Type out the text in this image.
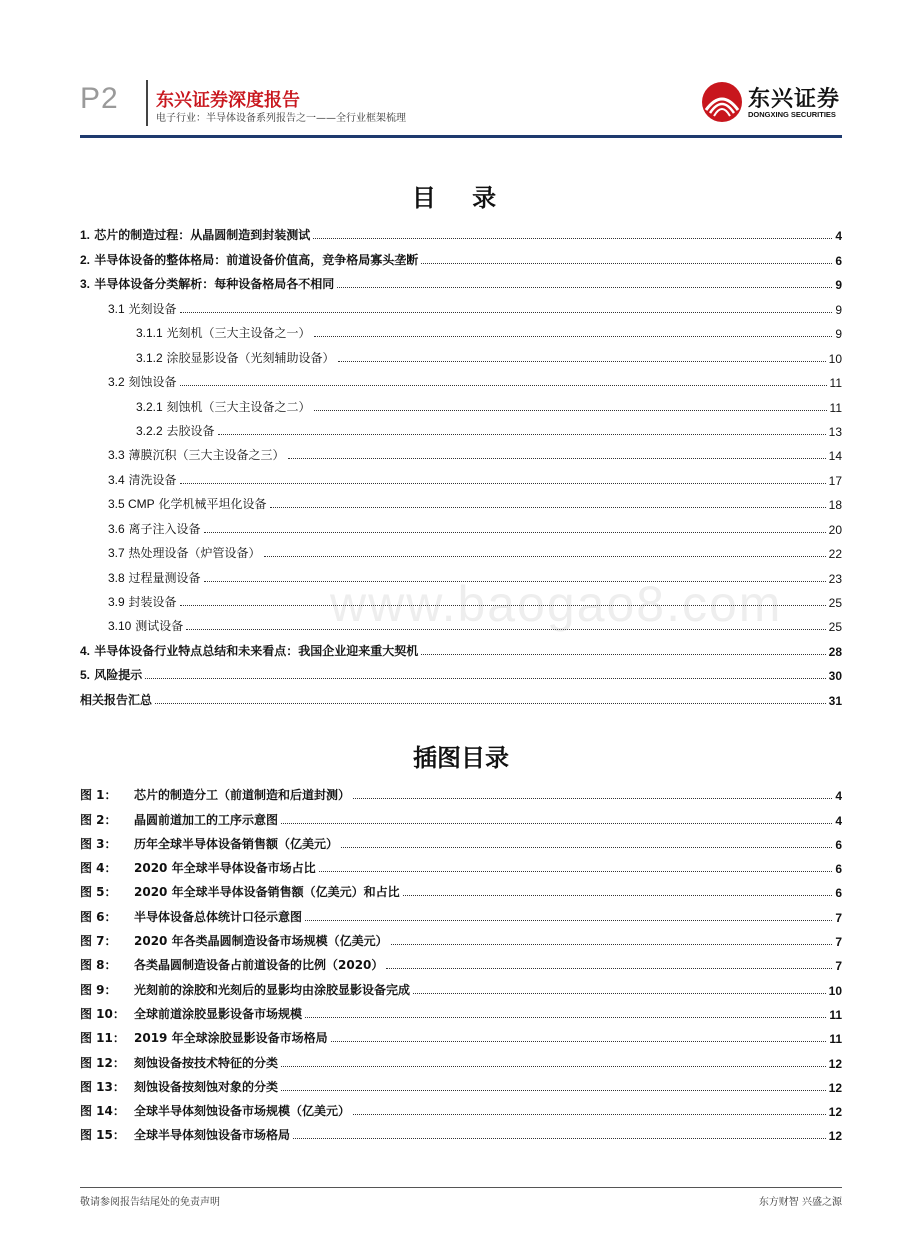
P2 东兴证券深度报告
电子行业：半导体设备系列报告之一——全行业框架梳理
东兴证券
DONGXING SECURITIES
目 录
1. 芯片的制造过程：从晶圆制造到封装测试	4
2. 半导体设备的整体格局：前道设备价值高，竞争格局寡头垄断	6
3. 半导体设备分类解析：每种设备格局各不相同	9
3.1 光刻设备	9
3.1.1 光刻机（三大主设备之一）	9
3.1.2 涂胶显影设备（光刻辅助设备）	10
3.2 刻蚀设备	11
3.2.1 刻蚀机（三大主设备之二）	11
3.2.2 去胶设备	13
3.3 薄膜沉积（三大主设备之三）	14
3.4 清洗设备	17
3.5 CMP 化学机械平坦化设备	18
3.6 离子注入设备	20
3.7 热处理设备（炉管设备）	22
3.8 过程量测设备	23
3.9 封装设备	25
3.10 测试设备	25
4. 半导体设备行业特点总结和未来看点：我国企业迎来重大契机	28
5. 风险提示	30
相关报告汇总	31
插图目录
图 1： 芯片的制造分工（前道制造和后道封测）	4
图 2： 晶圆前道加工的工序示意图	4
图 3： 历年全球半导体设备销售额（亿美元）	6
图 4： 2020 年全球半导体设备市场占比	6
图 5： 2020 年全球半导体设备销售额（亿美元）和占比	6
图 6： 半导体设备总体统计口径示意图	7
图 7： 2020 年各类晶圆制造设备市场规模（亿美元）	7
图 8： 各类晶圆制造设备占前道设备的比例（2020）	7
图 9： 光刻前的涂胶和光刻后的显影均由涂胶显影设备完成	10
图 10： 全球前道涂胶显影设备市场规模	11
图 11： 2019 年全球涂胶显影设备市场格局	11
图 12： 刻蚀设备按技术特征的分类	12
图 13： 刻蚀设备按刻蚀对象的分类	12
图 14： 全球半导体刻蚀设备市场规模（亿美元）	12
图 15： 全球半导体刻蚀设备市场格局	12
www.baogao8.com
敬请参阅报告结尾处的免责声明	东方财智 兴盛之源
